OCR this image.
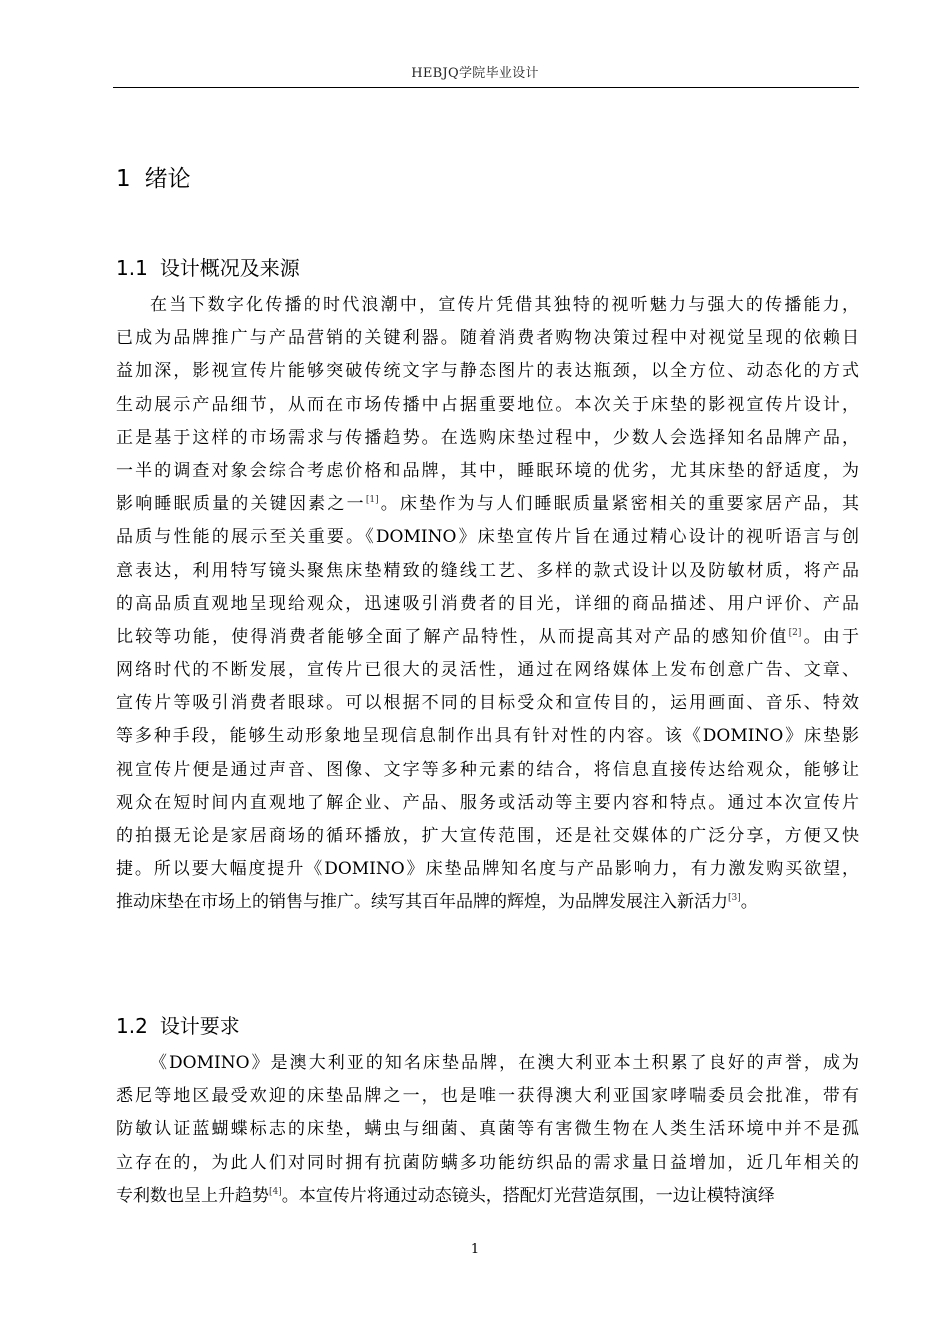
HEBJQ学院毕业设计
1 绪论
1.1 设计概况及来源
在当下数字化传播的时代浪潮中，宣传片凭借其独特的视听魅力与强大的传播能力，
已成为品牌推广与产品营销的关键利器。随着消费者购物决策过程中对视觉呈现的依赖日
益加深，影视宣传片能够突破传统文字与静态图片的表达瓶颈，以全方位、动态化的方式
生动展示产品细节，从而在市场传播中占据重要地位。本次关于床垫的影视宣传片设计，
正是基于这样的市场需求与传播趋势。在选购床垫过程中，少数人会选择知名品牌产品，
一半的调查对象会综合考虑价格和品牌，其中，睡眠环境的优劣，尤其床垫的舒适度，为
影响睡眠质量的关键因素之一[1]。床垫作为与人们睡眠质量紧密相关的重要家居产品，其
品质与性能的展示至关重要。《DOMINO》床垫宣传片旨在通过精心设计的视听语言与创
意表达，利用特写镜头聚焦床垫精致的缝线工艺、多样的款式设计以及防敏材质，将产品
的高品质直观地呈现给观众，迅速吸引消费者的目光，详细的商品描述、用户评价、产品
比较等功能，使得消费者能够全面了解产品特性，从而提高其对产品的感知价值[2]。由于
网络时代的不断发展，宣传片已很大的灵活性，通过在网络媒体上发布创意广告、文章、
宣传片等吸引消费者眼球。可以根据不同的目标受众和宣传目的，运用画面、音乐、特效
等多种手段，能够生动形象地呈现信息制作出具有针对性的内容。该《DOMINO》床垫影
视宣传片便是通过声音、图像、文字等多种元素的结合，将信息直接传达给观众，能够让
观众在短时间内直观地了解企业、产品、服务或活动等主要内容和特点。通过本次宣传片
的拍摄无论是家居商场的循环播放，扩大宣传范围，还是社交媒体的广泛分享，方便又快
捷。所以要大幅度提升《DOMINO》床垫品牌知名度与产品影响力，有力激发购买欲望，
推动床垫在市场上的销售与推广。续写其百年品牌的辉煌，为品牌发展注入新活力[3]。
1.2 设计要求
《DOMINO》是澳大利亚的知名床垫品牌，在澳大利亚本土积累了良好的声誉，成为
悉尼等地区最受欢迎的床垫品牌之一，也是唯一获得澳大利亚国家哮喘委员会批准，带有
防敏认证蓝蝴蝶标志的床垫，螨虫与细菌、真菌等有害微生物在人类生活环境中并不是孤
立存在的，为此人们对同时拥有抗菌防螨多功能纺织品的需求量日益增加，近几年相关的
专利数也呈上升趋势[4]。本宣传片将通过动态镜头，搭配灯光营造氛围，一边让模特演绎
1
